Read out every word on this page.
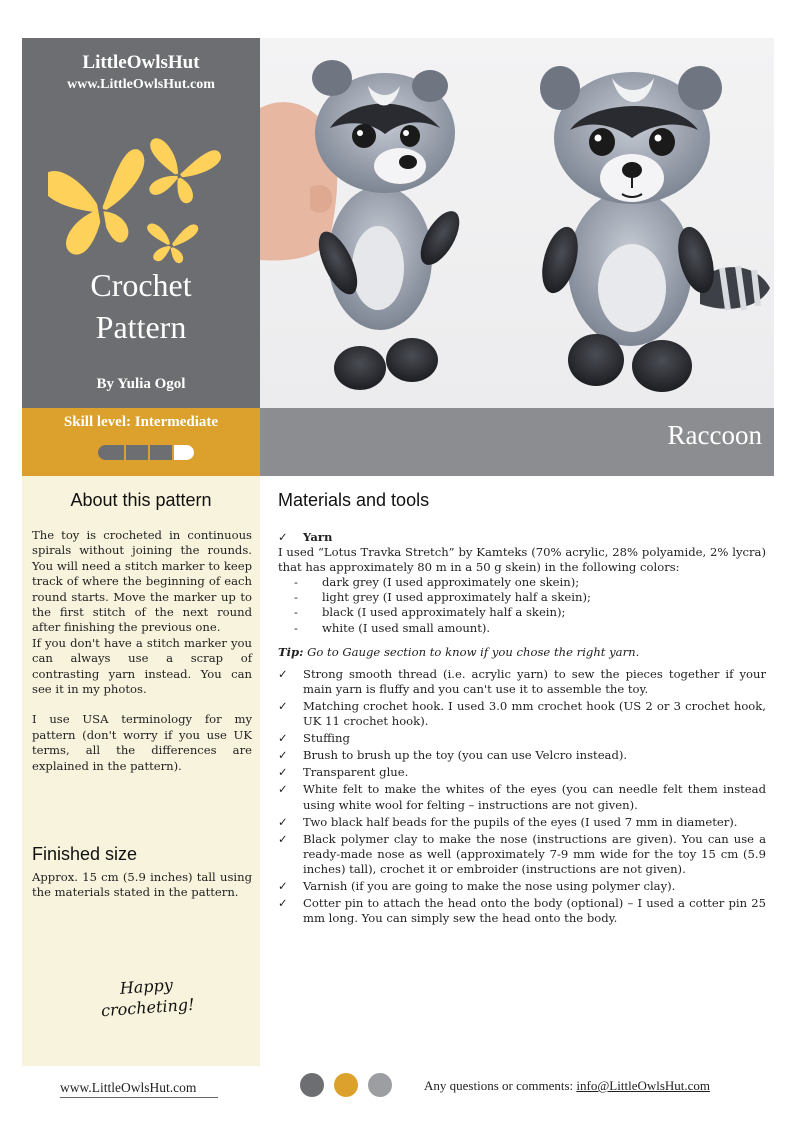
LittleOwlsHut
www.LittleOwlsHut.com
Crochet
Pattern
By Yulia Ogol
Skill level: Intermediate	Raccoon
About this pattern

The toy is crocheted in continuous spirals without joining the rounds. You will need a stitch marker to keep track of where the beginning of each round starts. Move the marker up to the first stitch of the next round after finishing the previous one.

If you don't have a stitch marker you can always use a scrap of contrasting yarn instead. You can see it in my photos.

I use USA terminology for my pattern (don't worry if you use UK terms, all the differences are explained in the pattern).

Finished size

Approx. 15 cm (5.9 inches) tall using the materials stated in the pattern.

Happy
crocheting!
Materials and tools
✓	Yarn
I used “Lotus Travka Stretch” by Kamteks (70% acrylic, 28% polyamide, 2% lycra) that has approximately 80 m in a 50 g skein) in the following colors:
-	dark grey (I used approximately one skein);
-	light grey (I used approximately half a skein);
-	black (I used approximately half a skein);
-	white (I used small amount).
Tip: Go to Gauge section to know if you chose the right yarn.
✓	Strong smooth thread (i.e. acrylic yarn) to sew the pieces together if your main yarn is fluffy and you can't use it to assemble the toy.
✓	Matching crochet hook. I used 3.0 mm crochet hook (US 2 or 3 crochet hook, UK 11 crochet hook).
✓	Stuffing
✓	Brush to brush up the toy (you can use Velcro instead).
✓	Transparent glue.
✓	White felt to make the whites of the eyes (you can needle felt them instead using white wool for felting – instructions are not given).
✓	Two black half beads for the pupils of the eyes (I used 7 mm in diameter).
✓	Black polymer clay to make the nose (instructions are given). You can use a ready-made nose as well (approximately 7-9 mm wide for the toy 15 cm (5.9 inches) tall), crochet it or embroider (instructions are not given).
✓	Varnish (if you are going to make the nose using polymer clay).
✓	Cotter pin to attach the head onto the body (optional) – I used a cotter pin 25 mm long. You can simply sew the head onto the body.
www.LittleOwlsHut.com	Any questions or comments: info@LittleOwlsHut.com
